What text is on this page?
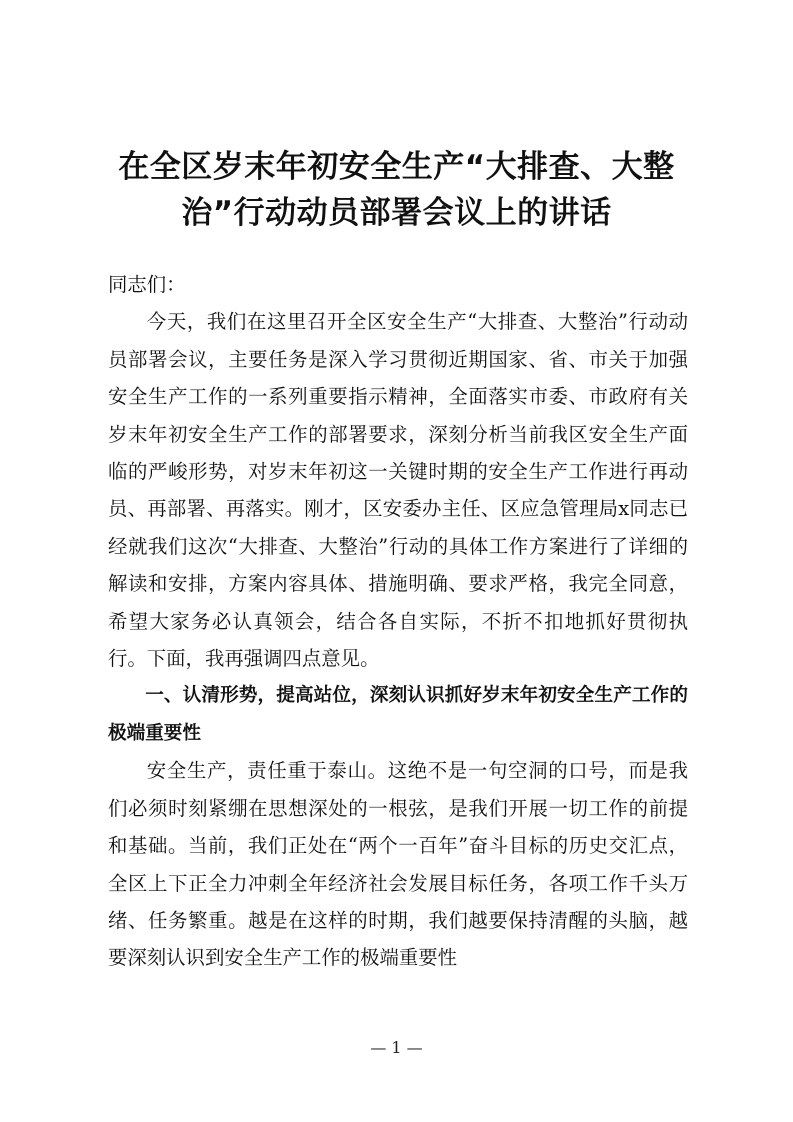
在全区岁末年初安全生产“大排查、大整
治”行动动员部署会议上的讲话

同志们：

今天，我们在这里召开全区安全生产“大排查、大整治”行动动员部署会议，主要任务是深入学习贯彻近期国家、省、市关于加强安全生产工作的一系列重要指示精神，全面落实市委、市政府有关岁末年初安全生产工作的部署要求，深刻分析当前我区安全生产面临的严峻形势，对岁末年初这一关键时期的安全生产工作进行再动员、再部署、再落实。刚才，区安委办主任、区应急管理局x同志已经就我们这次“大排查、大整治”行动的具体工作方案进行了详细的解读和安排，方案内容具体、措施明确、要求严格，我完全同意，希望大家务必认真领会，结合各自实际，不折不扣地抓好贯彻执行。下面，我再强调四点意见。

一、认清形势，提高站位，深刻认识抓好岁末年初安全生产工作的极端重要性

安全生产，责任重于泰山。这绝不是一句空洞的口号，而是我们必须时刻紧绷在思想深处的一根弦，是我们开展一切工作的前提和基础。当前，我们正处在“两个一百年”奋斗目标的历史交汇点，全区上下正全力冲刺全年经济社会发展目标任务，各项工作千头万绪、任务繁重。越是在这样的时期，我们越要保持清醒的头脑，越要深刻认识到安全生产工作的极端重要性

— 1 —
